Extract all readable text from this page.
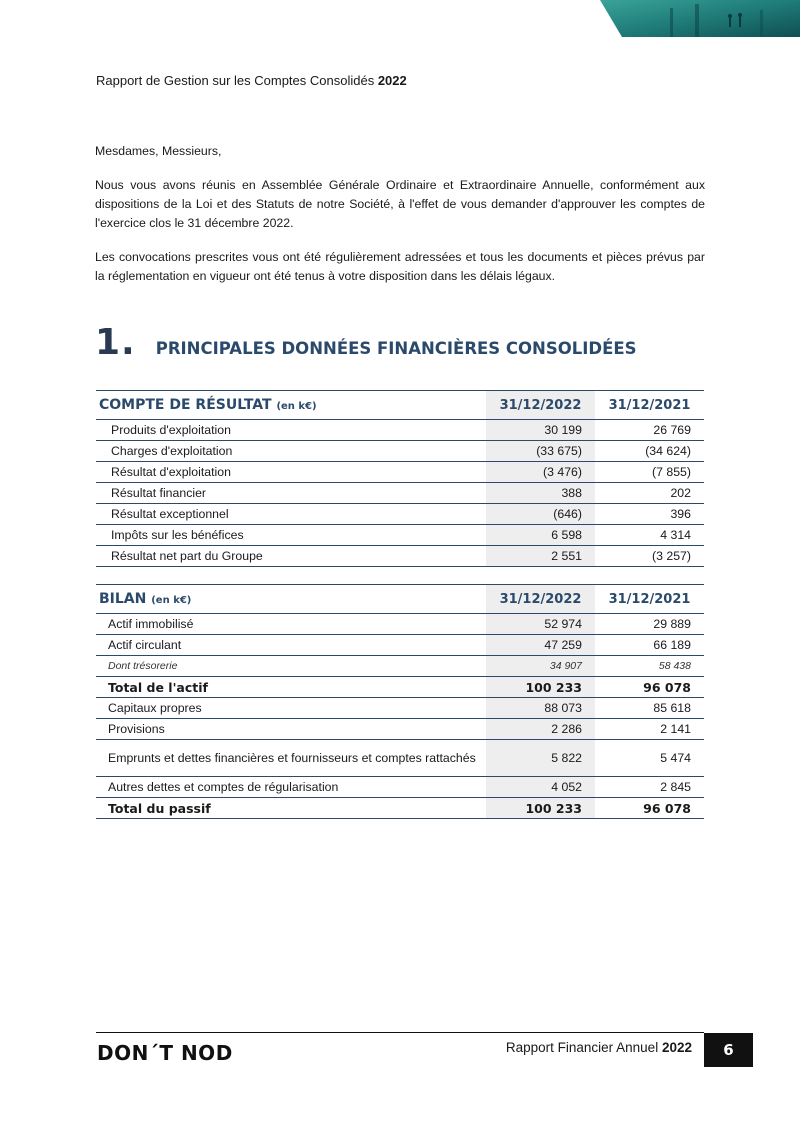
Rapport de Gestion sur les Comptes Consolidés 2022
Mesdames, Messieurs,
Nous vous avons réunis en Assemblée Générale Ordinaire et Extraordinaire Annuelle, conformément aux dispositions de la Loi et des Statuts de notre Société, à l'effet de vous demander d'approuver les comptes de l'exercice clos le 31 décembre 2022.
Les convocations prescrites vous ont été régulièrement adressées et tous les documents et pièces prévus par la réglementation en vigueur ont été tenus à votre disposition dans les délais légaux.
1. PRINCIPALES DONNÉES FINANCIÈRES CONSOLIDÉES
COMPTE DE RÉSULTAT (en k€)	31/12/2022	31/12/2021
Produits d'exploitation	30 199	26 769
Charges d'exploitation	(33 675)	(34 624)
Résultat d'exploitation	(3 476)	(7 855)
Résultat financier	388	202
Résultat exceptionnel	(646)	396
Impôts sur les bénéfices	6 598	4 314
Résultat net part du Groupe	2 551	(3 257)
BILAN (en k€)	31/12/2022	31/12/2021
Actif immobilisé	52 974	29 889
Actif circulant	47 259	66 189
Dont trésorerie	34 907	58 438
Total de l'actif	100 233	96 078
Capitaux propres	88 073	85 618
Provisions	2 286	2 141
Emprunts et dettes financières et fournisseurs et comptes rattachés	5 822	5 474
Autres dettes et comptes de régularisation	4 052	2 845
Total du passif	100 233	96 078
DON´T NOD	Rapport Financier Annuel 2022	6
